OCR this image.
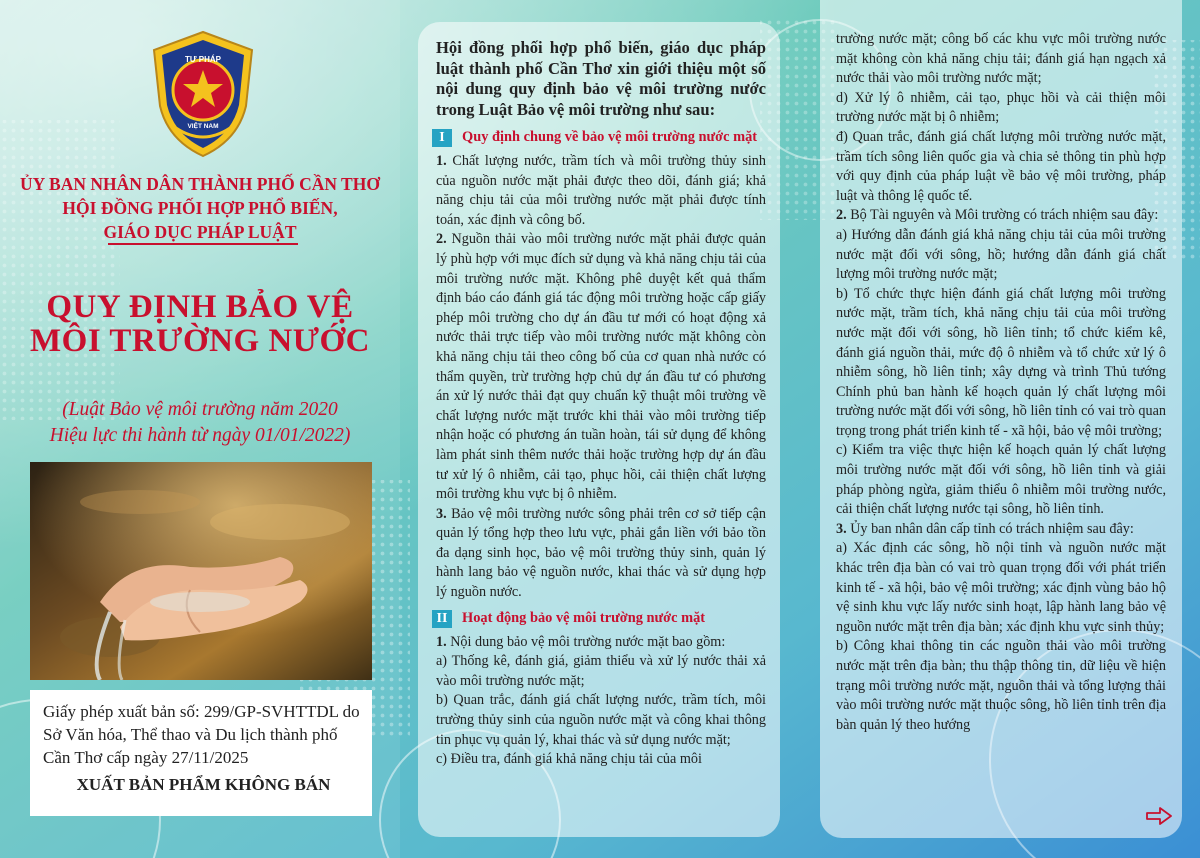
TƯ PHÁP
VIỆT NAM
ỦY BAN NHÂN DÂN THÀNH PHỐ CẦN THƠ
HỘI ĐỒNG PHỐI HỢP PHỔ BIẾN,
GIÁO DỤC PHÁP LUẬT
QUY ĐỊNH BẢO VỆ
MÔI TRƯỜNG NƯỚC
(Luật Bảo vệ môi trường năm 2020
Hiệu lực thi hành từ ngày 01/01/2022)
Giấy phép xuất bản số: 299/GP-SVHTTDL do Sở Văn hóa, Thể thao và Du lịch thành phố Cần Thơ cấp ngày 27/11/2025
XUẤT BẢN PHẨM KHÔNG BÁN

Hội đồng phối hợp phổ biến, giáo dục pháp luật thành phố Cần Thơ xin giới thiệu một số nội dung quy định bảo vệ môi trường nước trong Luật Bảo vệ môi trường như sau:

I	Quy định chung về bảo vệ môi trường nước mặt

1. Chất lượng nước, trầm tích và môi trường thủy sinh của nguồn nước mặt phải được theo dõi, đánh giá; khả năng chịu tải của môi trường nước mặt phải được tính toán, xác định và công bố.

2. Nguồn thải vào môi trường nước mặt phải được quản lý phù hợp với mục đích sử dụng và khả năng chịu tải của môi trường nước mặt. Không phê duyệt kết quả thẩm định báo cáo đánh giá tác động môi trường hoặc cấp giấy phép môi trường cho dự án đầu tư mới có hoạt động xả nước thải trực tiếp vào môi trường nước mặt không còn khả năng chịu tải theo công bố của cơ quan nhà nước có thẩm quyền, trừ trường hợp chủ dự án đầu tư có phương án xử lý nước thải đạt quy chuẩn kỹ thuật môi trường về chất lượng nước mặt trước khi thải vào môi trường tiếp nhận hoặc có phương án tuần hoàn, tái sử dụng để không làm phát sinh thêm nước thải hoặc trường hợp dự án đầu tư xử lý ô nhiễm, cải tạo, phục hồi, cải thiện chất lượng môi trường khu vực bị ô nhiễm.

3. Bảo vệ môi trường nước sông phải trên cơ sở tiếp cận quản lý tổng hợp theo lưu vực, phải gắn liền với bảo tồn đa dạng sinh học, bảo vệ môi trường thủy sinh, quản lý hành lang bảo vệ nguồn nước, khai thác và sử dụng hợp lý nguồn nước.

II	Hoạt động bảo vệ môi trường nước mặt

1. Nội dung bảo vệ môi trường nước mặt bao gồm:

a) Thống kê, đánh giá, giảm thiểu và xử lý nước thải xả vào môi trường nước mặt;

b) Quan trắc, đánh giá chất lượng nước, trầm tích, môi trường thủy sinh của nguồn nước mặt và công khai thông tin phục vụ quản lý, khai thác và sử dụng nước mặt;

c) Điều tra, đánh giá khả năng chịu tải của môi

trường nước mặt; công bố các khu vực môi trường nước mặt không còn khả năng chịu tải; đánh giá hạn ngạch xả nước thải vào môi trường nước mặt;

d) Xử lý ô nhiễm, cải tạo, phục hồi và cải thiện môi trường nước mặt bị ô nhiễm;

đ) Quan trắc, đánh giá chất lượng môi trường nước mặt, trầm tích sông liên quốc gia và chia sẻ thông tin phù hợp với quy định của pháp luật về bảo vệ môi trường, pháp luật và thông lệ quốc tế.

2. Bộ Tài nguyên và Môi trường có trách nhiệm sau đây:

a) Hướng dẫn đánh giá khả năng chịu tải của môi trường nước mặt đối với sông, hồ; hướng dẫn đánh giá chất lượng môi trường nước mặt;

b) Tổ chức thực hiện đánh giá chất lượng môi trường nước mặt, trầm tích, khả năng chịu tải của môi trường nước mặt đối với sông, hồ liên tỉnh; tổ chức kiểm kê, đánh giá nguồn thải, mức độ ô nhiễm và tổ chức xử lý ô nhiễm sông, hồ liên tỉnh; xây dựng và trình Thủ tướng Chính phủ ban hành kế hoạch quản lý chất lượng môi trường nước mặt đối với sông, hồ liên tỉnh có vai trò quan trọng trong phát triển kinh tế - xã hội, bảo vệ môi trường;

c) Kiểm tra việc thực hiện kế hoạch quản lý chất lượng môi trường nước mặt đối với sông, hồ liên tỉnh và giải pháp phòng ngừa, giảm thiểu ô nhiễm môi trường nước, cải thiện chất lượng nước tại sông, hồ liên tỉnh.

3. Ủy ban nhân dân cấp tỉnh có trách nhiệm sau đây:

a) Xác định các sông, hồ nội tỉnh và nguồn nước mặt khác trên địa bàn có vai trò quan trọng đối với phát triển kinh tế - xã hội, bảo vệ môi trường; xác định vùng bảo hộ vệ sinh khu vực lấy nước sinh hoạt, lập hành lang bảo vệ nguồn nước mặt trên địa bàn; xác định khu vực sinh thủy;

b) Công khai thông tin các nguồn thải vào môi trường nước mặt trên địa bàn; thu thập thông tin, dữ liệu về hiện trạng môi trường nước mặt, nguồn thải và tổng lượng thải vào môi trường nước mặt thuộc sông, hồ liên tỉnh trên địa bàn quản lý theo hướng
